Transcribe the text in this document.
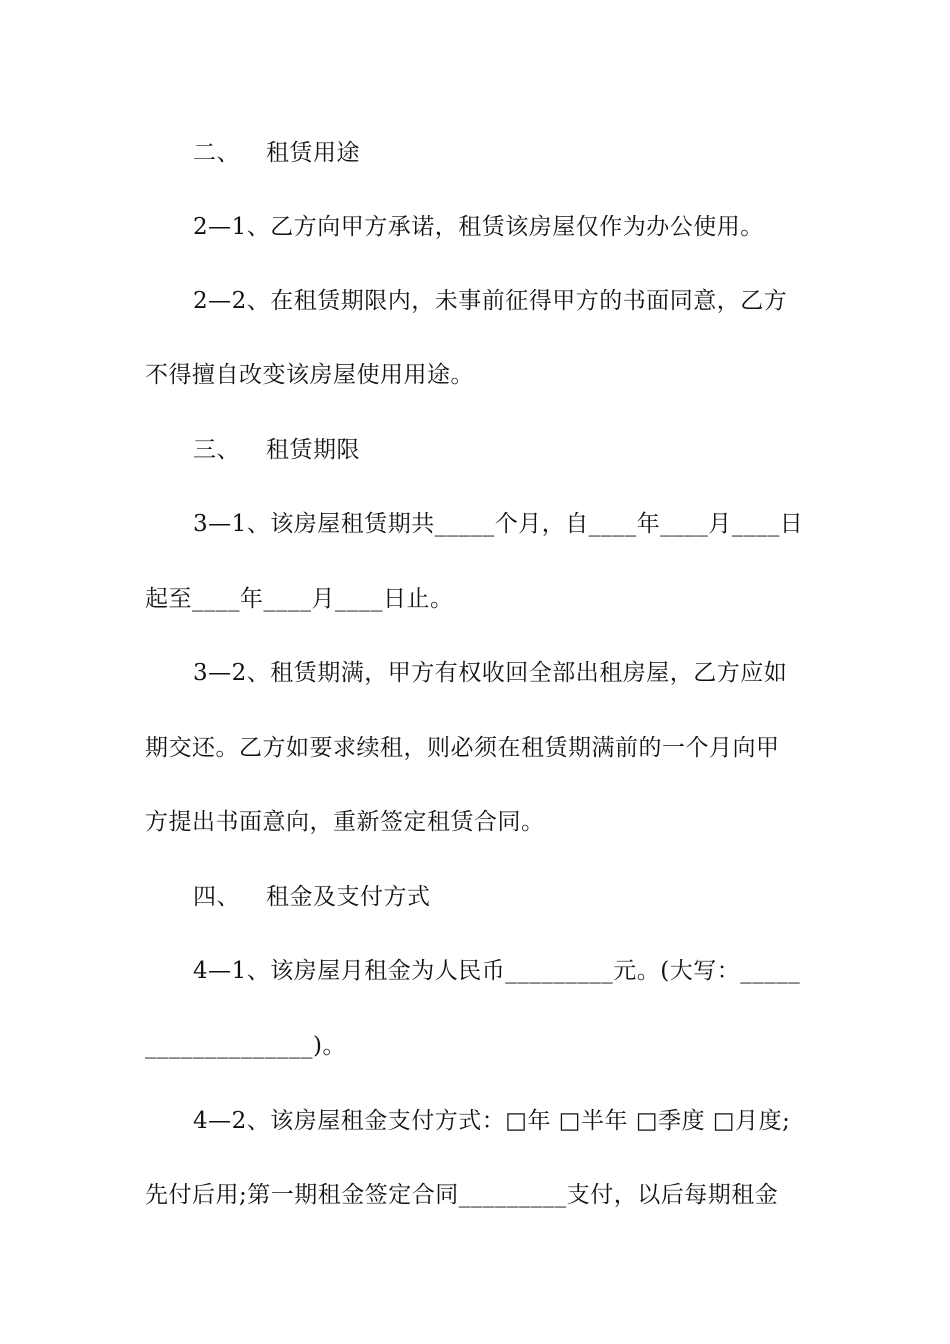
二、 租赁用途
2—1、乙方向甲方承诺，租赁该房屋仅作为办公使用。
2—2、在租赁期限内，未事前征得甲方的书面同意，乙方
不得擅自改变该房屋使用用途。
三、 租赁期限
3—1、该房屋租赁期共_____个月，自____年____月____日
起至____年____月____日止。
3—2、租赁期满，甲方有权收回全部出租房屋，乙方应如
期交还。乙方如要求续租，则必须在租赁期满前的一个月向甲
方提出书面意向，重新签定租赁合同。
四、 租金及支付方式
4—1、该房屋月租金为人民币_________元。(大写：_____
______________)。
4—2、该房屋租金支付方式：□年 □半年 □季度 □月度;
先付后用;第一期租金签定合同_________支付，以后每期租金
